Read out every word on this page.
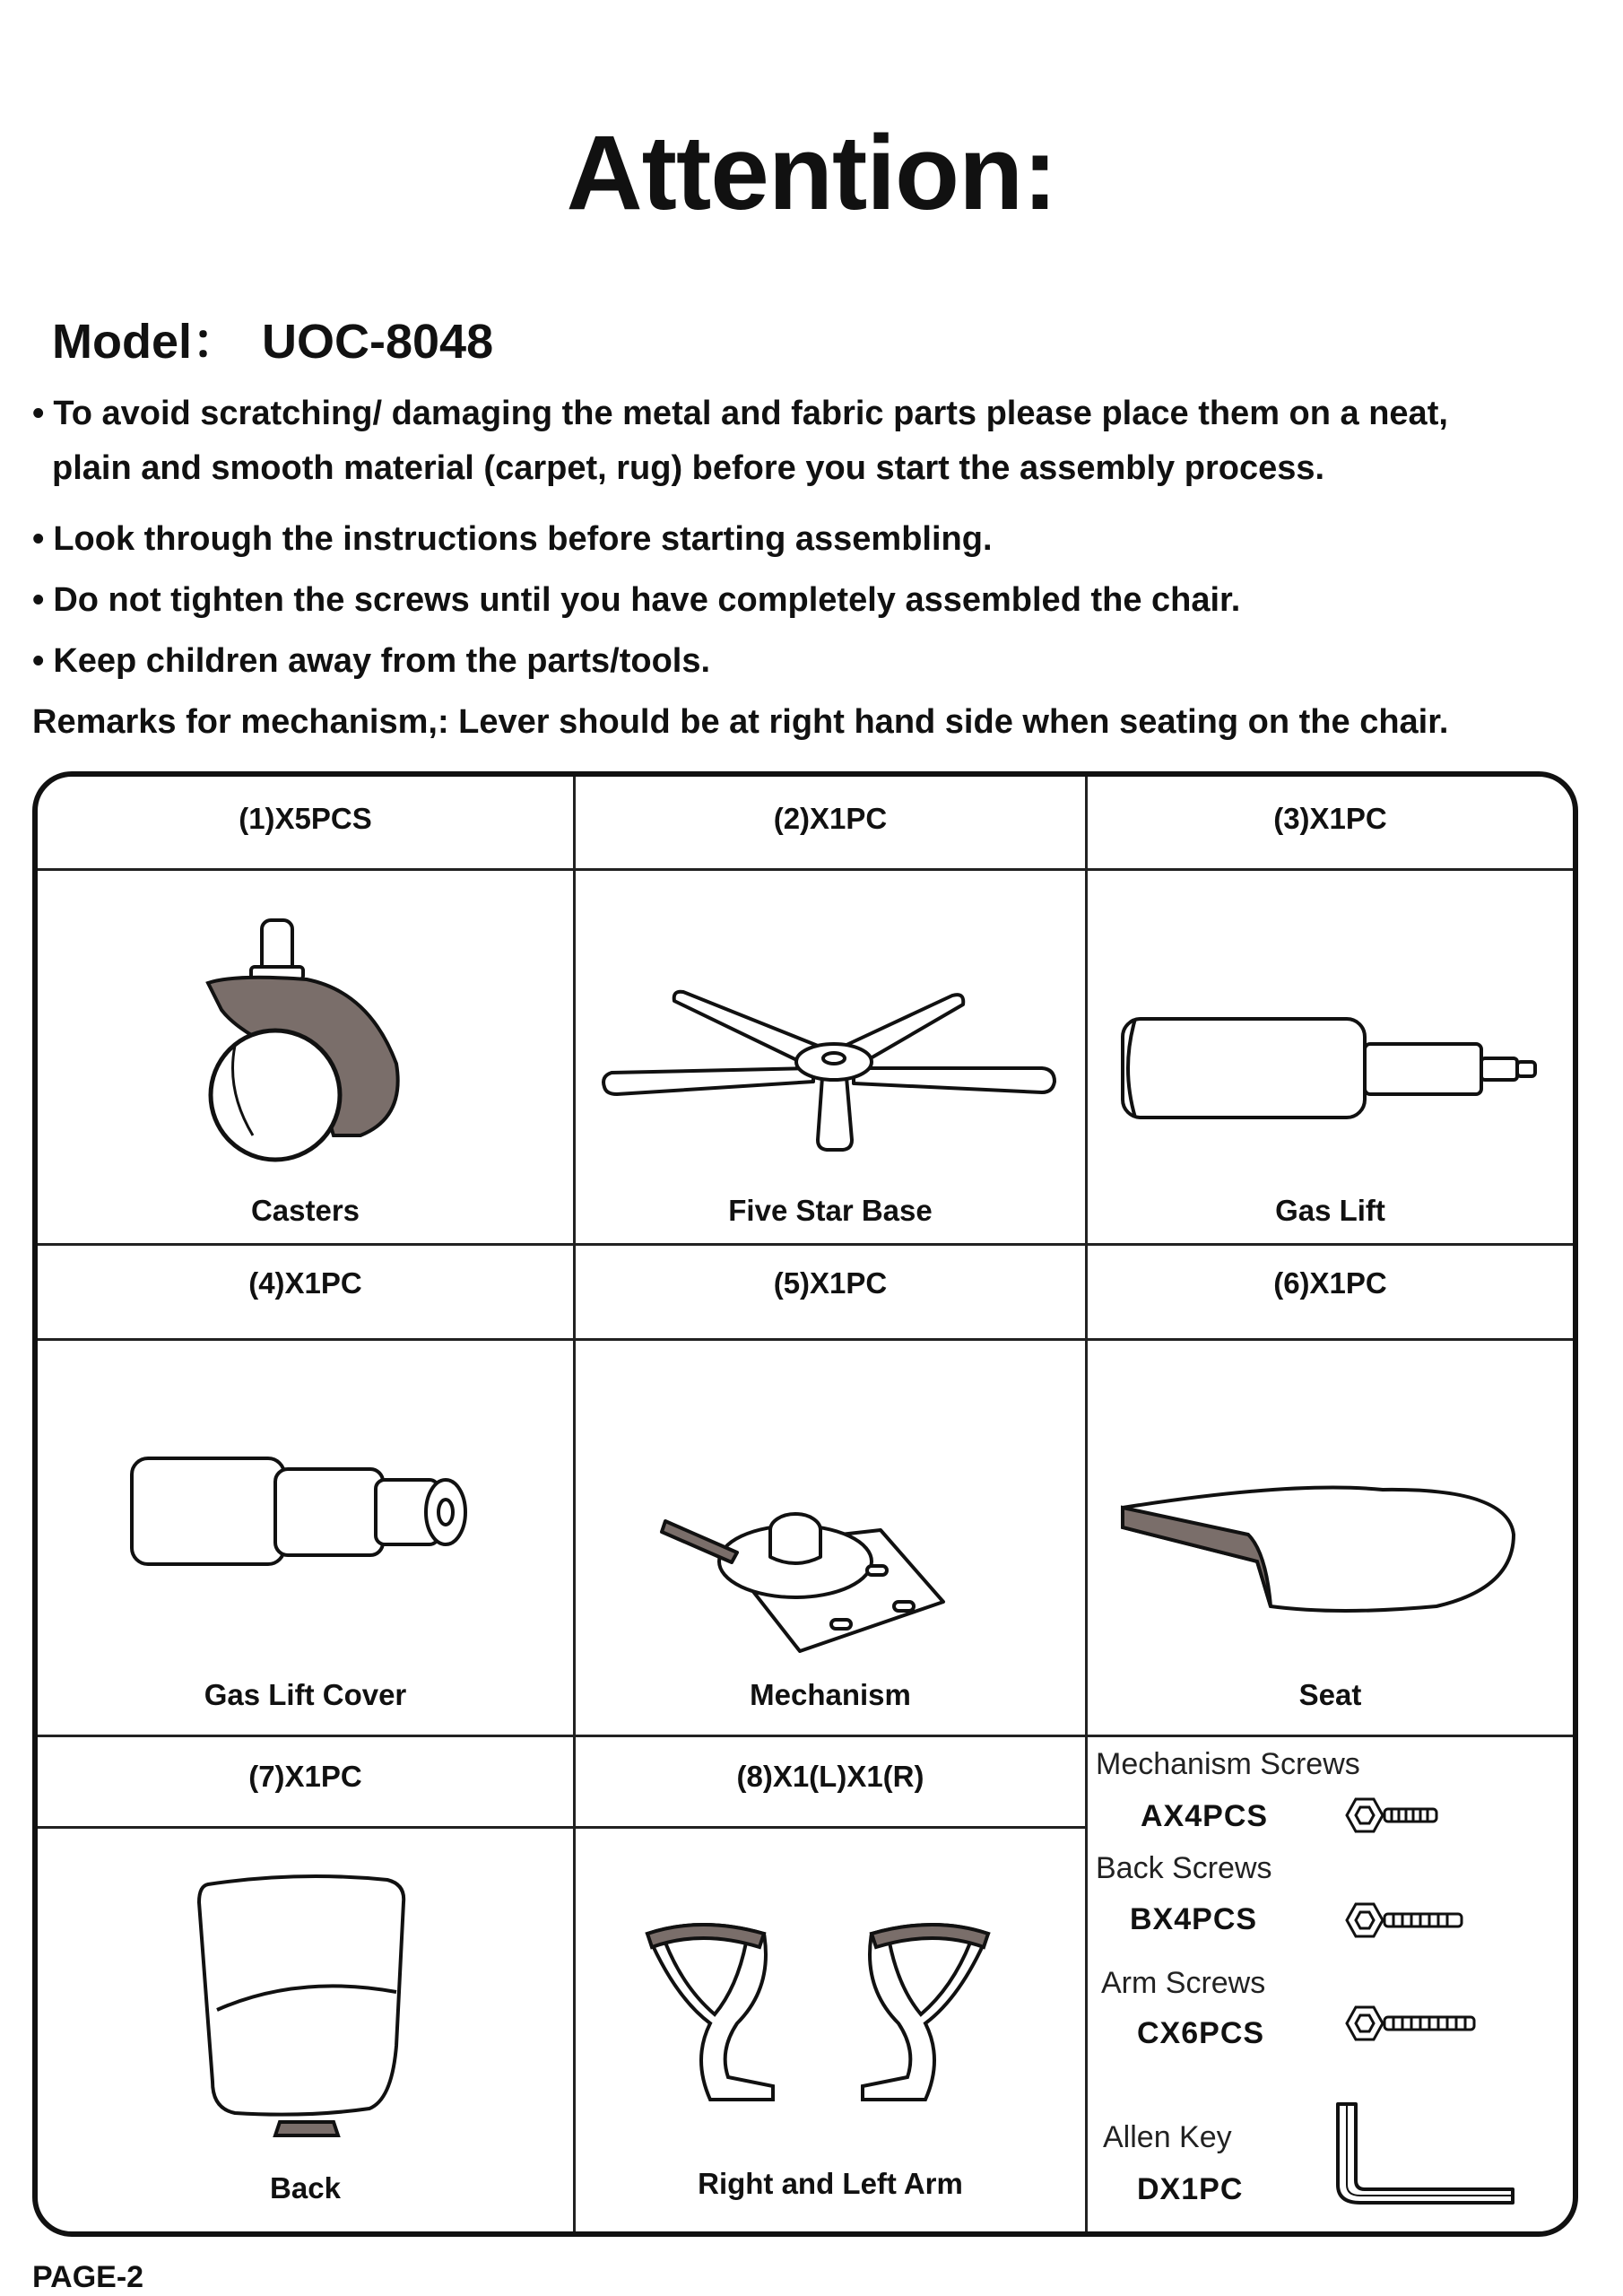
Attention:
Model： UOC-8048
• To avoid scratching/ damaging the metal and fabric parts please place them on a neat,
plain and smooth material (carpet, rug) before you start the assembly process.
• Look through the instructions before starting assembling.
• Do not tighten the screws until you have completely assembled the chair.
• Keep children away from the parts/tools.
Remarks for mechanism,: Lever should be at right hand side when seating on the chair.
(1)X5PCS	(2)X1PC	(3)X1PC
Casters	Five Star Base	Gas Lift
(4)X1PC	(5)X1PC	(6)X1PC
Gas Lift Cover	Mechanism	Seat
(7)X1PC	(8)X1(L)X1(R)
Back	Right and Left Arm
Mechanism Screws
AX4PCS
Back Screws
BX4PCS
Arm Screws
CX6PCS
Allen Key
DX1PC
PAGE-2
